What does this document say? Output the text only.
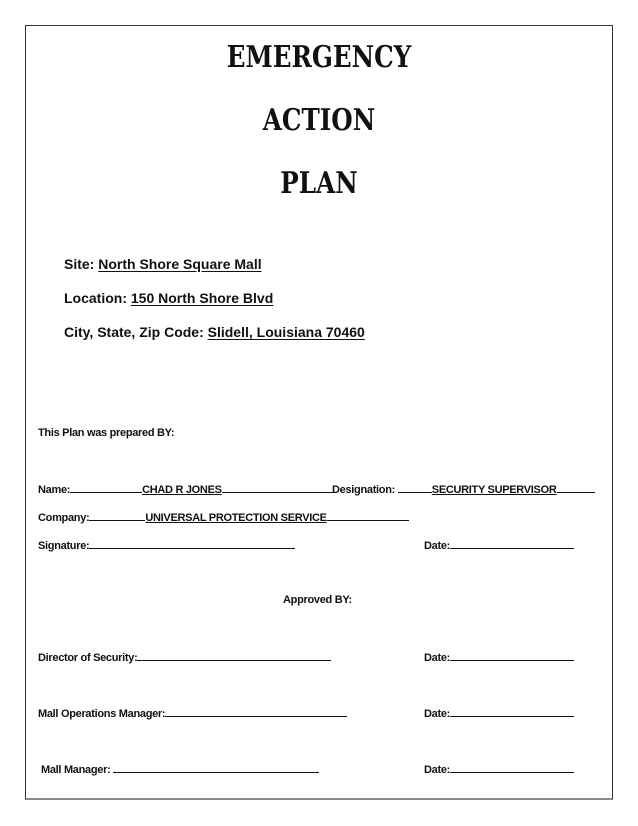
EMERGENCY
ACTION
PLAN
Site: North Shore Square Mall
Location: 150 North Shore Blvd
City, State, Zip Code: Slidell, Louisiana 70460
This Plan was prepared BY:
Name:	CHAD R JONES	Designation:	SECURITY SUPERVISOR
Company:	UNIVERSAL PROTECTION SERVICE
Signature:	Date:
Approved BY:
Director of Security:	Date:
Mall Operations Manager:	Date:
Mall Manager:	Date:
